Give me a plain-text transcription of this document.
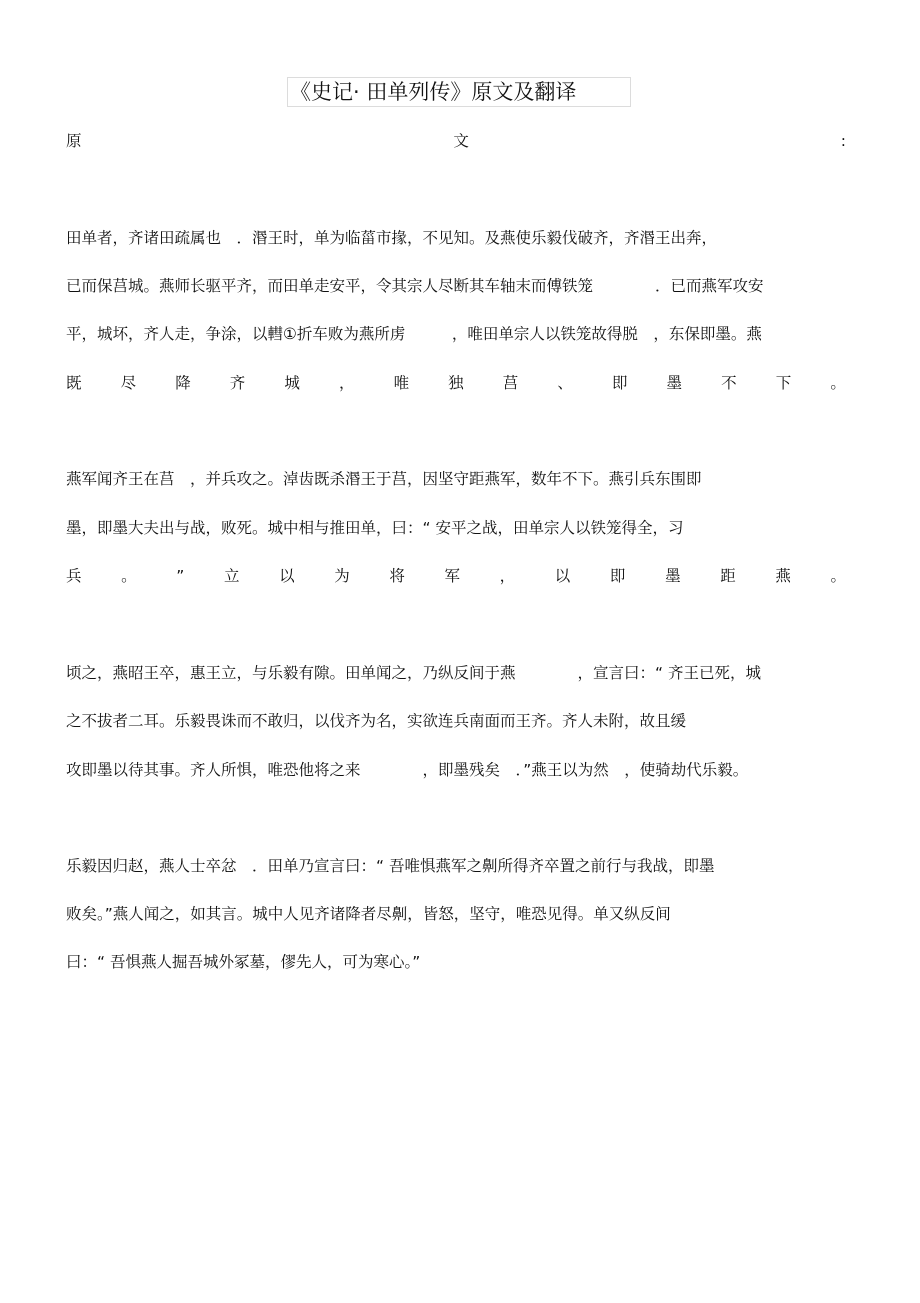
《史记· 田单列传》原文及翻译
原	文	:
田单者，齐诸田疏属也　．湣王时，单为临菑市掾，不见知。及燕使乐毅伐破齐，齐湣王出奔，
已而保莒城。燕师长驱平齐，而田单走安平，令其宗人尽断其车轴末而傅铁笼　　　　．已而燕军攻安
平，城坏，齐人走，争涂，以轊①折车败为燕所虏　　　，唯田单宗人以铁笼故得脱　，东保即墨。燕
既	尽	降	齐	城	，	唯	独	莒	、	即	墨	不	下	。
燕军闻齐王在莒　，并兵攻之。淖齿既杀湣王于莒，因坚守距燕军，数年不下。燕引兵东围即
墨，即墨大夫出与战，败死。城中相与推田单，曰：“ 安平之战，田单宗人以铁笼得全，习
兵	。	”	立	以	为	将	军	，	以	即	墨	距	燕	。
顷之，燕昭王卒，惠王立，与乐毅有隙。田单闻之，乃纵反间于燕　　　　，宣言曰：“ 齐王已死，城
之不拔者二耳。乐毅畏诛而不敢归，以伐齐为名，实欲连兵南面而王齐。齐人未附，故且缓
攻即墨以待其事。齐人所惧，唯恐他将之来　　　　，即墨残矣　．”燕王以为然　，使骑劫代乐毅。
乐毅因归赵，燕人士卒忿　．田单乃宣言曰：“ 吾唯惧燕军之劓所得齐卒置之前行与我战，即墨
败矣。”燕人闻之，如其言。城中人见齐诸降者尽劓，皆怒，坚守，唯恐见得。单又纵反间
曰：“ 吾惧燕人掘吾城外冢墓，僇先人，可为寒心。”
